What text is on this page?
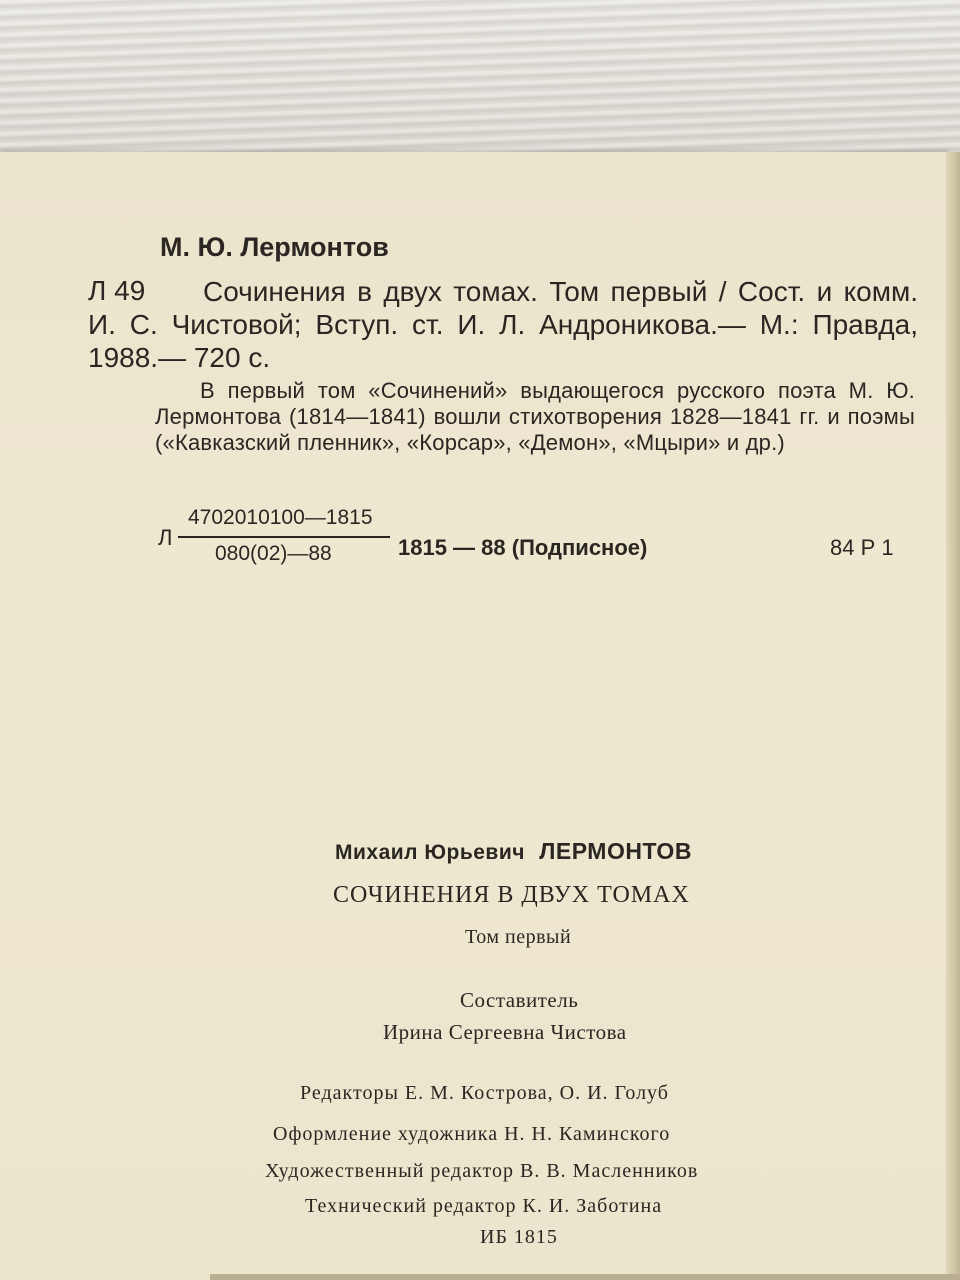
М. Ю. Лермонтов
Л 49	Сочинения в двух томах. Том первый / Сост. и комм. И. С. Чистовой; Вступ. ст. И. Л. Андроникова.— М.: Правда, 1988.— 720 с.
В первый том «Сочинений» выдающегося русского поэта М. Ю. Лермонтова (1814—1841) вошли стихотворения 1828—1841 гг. и поэмы («Кавказский пленник», «Корсар», «Демон», «Мцыри» и др.)
Л
4702010100—1815
080(02)—88	1815 — 88 (Подписное)	84 Р 1
Михаил Юрьевич ЛЕРМОНТОВ
СОЧИНЕНИЯ В ДВУХ ТОМАХ
Том первый
Составитель
Ирина Сергеевна Чистова
Редакторы Е. М. Кострова, О. И. Голуб
Оформление художника Н. Н. Каминского
Художественный редактор В. В. Масленников
Технический редактор К. И. Заботина
ИБ 1815
